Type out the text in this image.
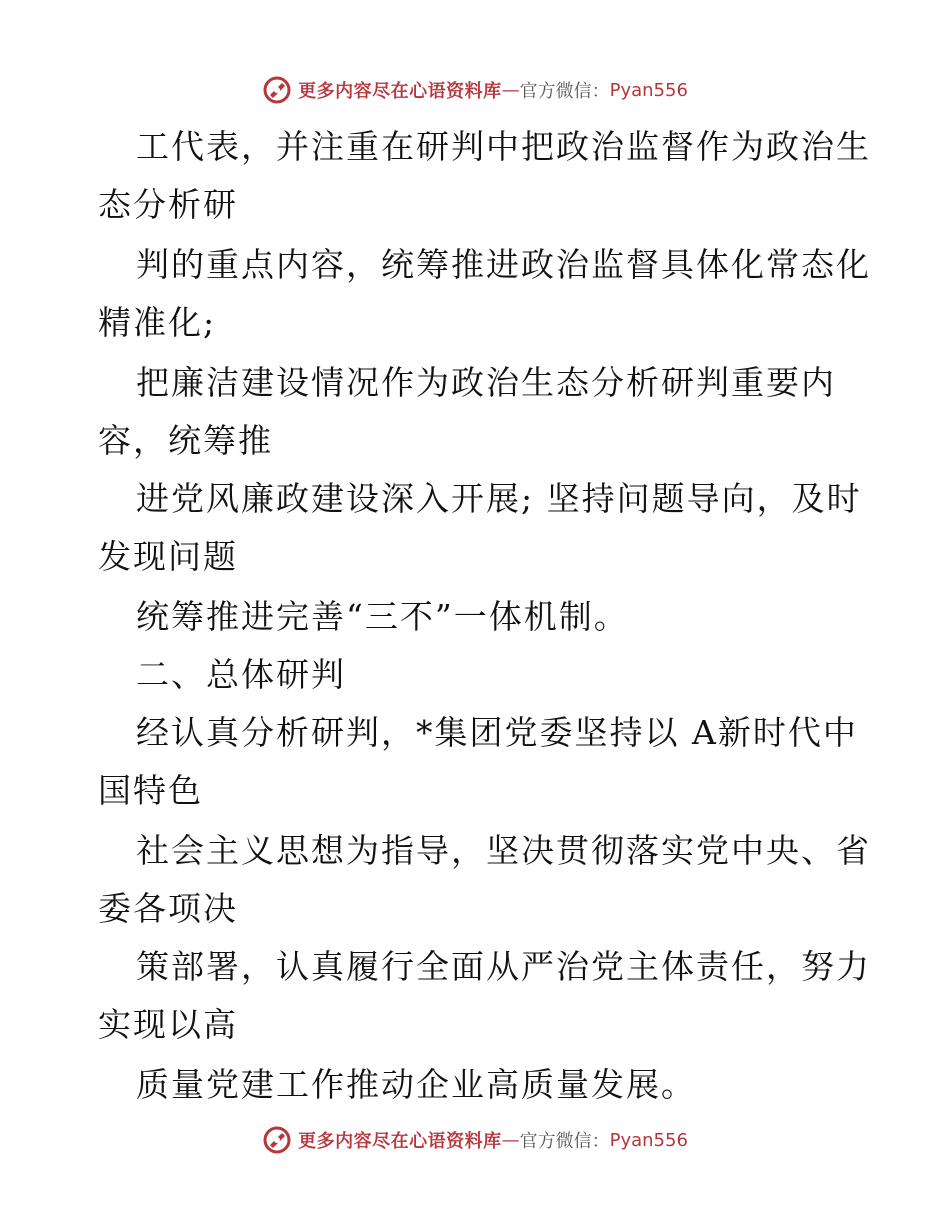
更多内容尽在心语资料库 — 官方微信： Pyan556
工代表，并注重在研判中把政治监督作为政治生
态分析研
判的重点内容，统筹推进政治监督具体化常态化
精准化;
把廉洁建设情况作为政治生态分析研判重要内
容，统筹推
进党风廉政建设深入开展; 坚持问题导向，及时
发现问题
统筹推进完善“三不”一体机制。
二、总体研判
经认真分析研判，*集团党委坚持以 A新时代中
国特色
社会主义思想为指导，坚决贯彻落实党中央、省
委各项决
策部署，认真履行全面从严治党主体责任，努力
实现以高
质量党建工作推动企业高质量发展。
更多内容尽在心语资料库 — 官方微信： Pyan556
